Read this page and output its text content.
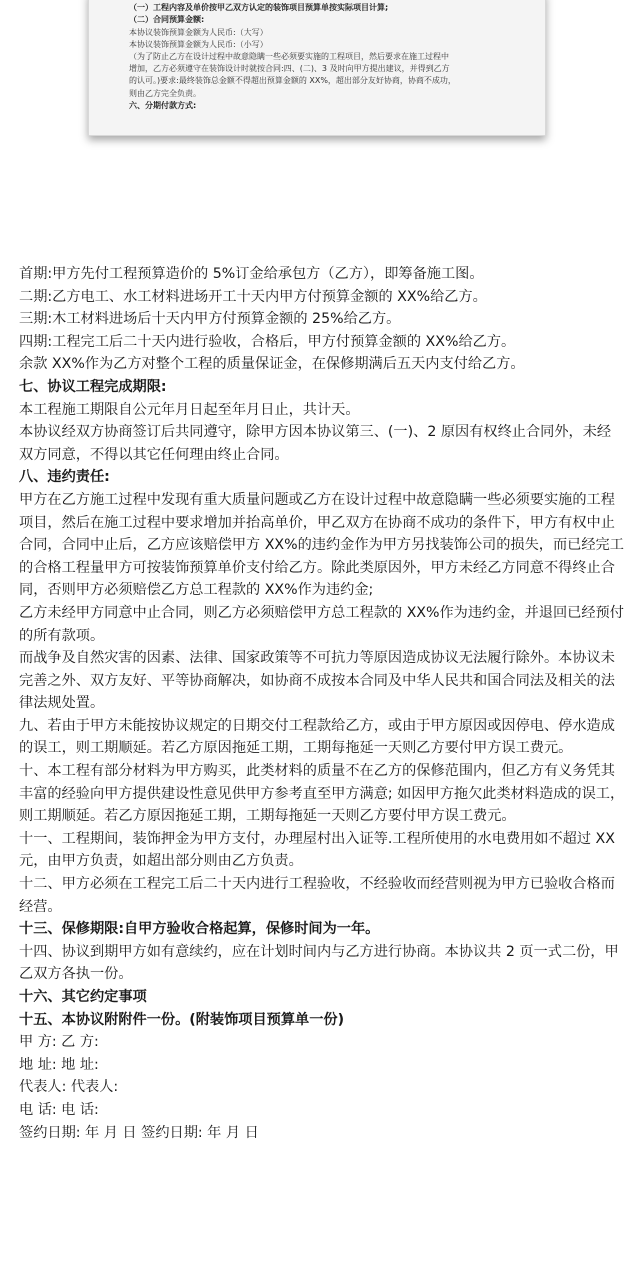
（一）工程内容及单价按甲乙双方认定的装饰项目预算单按实际项目计算;

（二）合同预算金额:

本协议装饰预算金额为人民币:（大写）

本协议装饰预算金额为人民币:（小写）

（为了防止乙方在设计过程中故意隐瞒一些必须要实施的工程项目，然后要求在施工过程中

增加，乙方必须遵守在装饰设计时就按合同:四、(二)、3 及时向甲方提出建议，并得到乙方

的认可。)要求:最终装饰总金额不得超出预算金额的 XX%，超出部分友好协商，协商不成功，

则由乙方完全负责。

六、分期付款方式:

首期:甲方先付工程预算造价的 5%订金给承包方（乙方），即筹备施工图。

二期:乙方电工、水工材料进场开工十天内甲方付预算金额的 XX%给乙方。

三期:木工材料进场后十天内甲方付预算金额的 25%给乙方。

四期:工程完工后二十天内进行验收，合格后，甲方付预算金额的 XX%给乙方。

余款 XX%作为乙方对整个工程的质量保证金，在保修期满后五天内支付给乙方。

七、协议工程完成期限:

本工程施工期限自公元年月日起至年月日止，共计天。

本协议经双方协商签订后共同遵守，除甲方因本协议第三、(一)、2 原因有权终止合同外，未经双方同意，不得以其它任何理由终止合同。

八、违约责任:

甲方在乙方施工过程中发现有重大质量问题或乙方在设计过程中故意隐瞒一些必须要实施的工程项目，然后在施工过程中要求增加并抬高单价，甲乙双方在协商不成功的条件下，甲方有权中止合同，合同中止后，乙方应该赔偿甲方 XX%的违约金作为甲方另找装饰公司的损失，而已经完工的合格工程量甲方可按装饰预算单价支付给乙方。除此类原因外，甲方未经乙方同意不得终止合同，否则甲方必须赔偿乙方总工程款的 XX%作为违约金;

乙方未经甲方同意中止合同，则乙方必须赔偿甲方总工程款的 XX%作为违约金，并退回已经预付的所有款项。

而战争及自然灾害的因素、法律、国家政策等不可抗力等原因造成协议无法履行除外。本协议未完善之外、双方友好、平等协商解决，如协商不成按本合同及中华人民共和国合同法及相关的法律法规处置。

九、若由于甲方未能按协议规定的日期交付工程款给乙方，或由于甲方原因或因停电、停水造成的误工，则工期顺延。若乙方原因拖延工期，工期每拖延一天则乙方要付甲方误工费元。

十、本工程有部分材料为甲方购买，此类材料的质量不在乙方的保修范围内，但乙方有义务凭其丰富的经验向甲方提供建设性意见供甲方参考直至甲方满意; 如因甲方拖欠此类材料造成的误工，则工期顺延。若乙方原因拖延工期，工期每拖延一天则乙方要付甲方误工费元。

十一、工程期间，装饰押金为甲方支付，办理屋村出入证等.工程所使用的水电费用如不超过 XX 元，由甲方负责，如超出部分则由乙方负责。

十二、甲方必须在工程完工后二十天内进行工程验收，不经验收而经营则视为甲方已验收合格而经营。

十三、保修期限:自甲方验收合格起算，保修时间为一年。

十四、协议到期甲方如有意续约，应在计划时间内与乙方进行协商。本协议共 2 页一式二份，甲乙双方各执一份。

十六、其它约定事项

十五、本协议附附件一份。(附装饰项目预算单一份)

甲 方: 乙 方:

地 址: 地 址:

代表人: 代表人:

电 话: 电 话:

签约日期: 年 月 日 签约日期: 年 月 日
